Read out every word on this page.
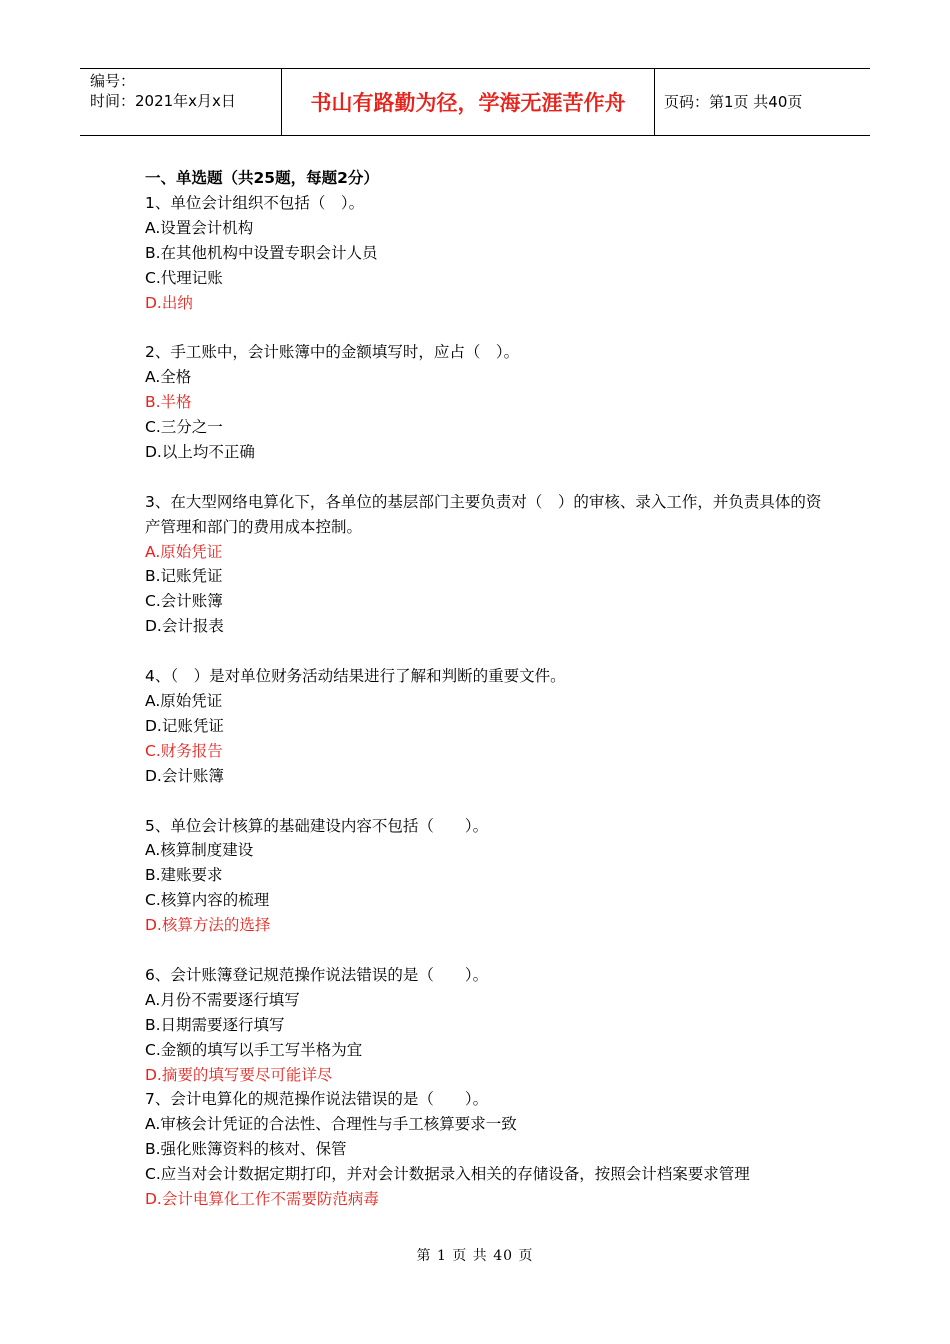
编号：
时间：2021年x月x日	书山有路勤为径，学海无涯苦作舟	页码：第1页 共40页
一、单选题（共25题，每题2分）
1、单位会计组织不包括（　）。
A.设置会计机构
B.在其他机构中设置专职会计人员
C.代理记账
D.出纳
2、手工账中，会计账簿中的金额填写时，应占（　）。
A.全格
B.半格
C.三分之一
D.以上均不正确
3、在大型网络电算化下，各单位的基层部门主要负责对（　）的审核、录入工作，并负责具体的资产管理和部门的费用成本控制。
A.原始凭证
B.记账凭证
C.会计账簿
D.会计报表
4、（　）是对单位财务活动结果进行了解和判断的重要文件。
A.原始凭证
D.记账凭证
C.财务报告
D.会计账簿
5、单位会计核算的基础建设内容不包括（　　）。
A.核算制度建设
B.建账要求
C.核算内容的梳理
D.核算方法的选择
6、会计账簿登记规范操作说法错误的是（　　）。
A.月份不需要逐行填写
B.日期需要逐行填写
C.金额的填写以手工写半格为宜
D.摘要的填写要尽可能详尽
7、会计电算化的规范操作说法错误的是（　　）。
A.审核会计凭证的合法性、合理性与手工核算要求一致
B.强化账簿资料的核对、保管
C.应当对会计数据定期打印，并对会计数据录入相关的存储设备，按照会计档案要求管理
D.会计电算化工作不需要防范病毒
第 1 页 共 40 页
